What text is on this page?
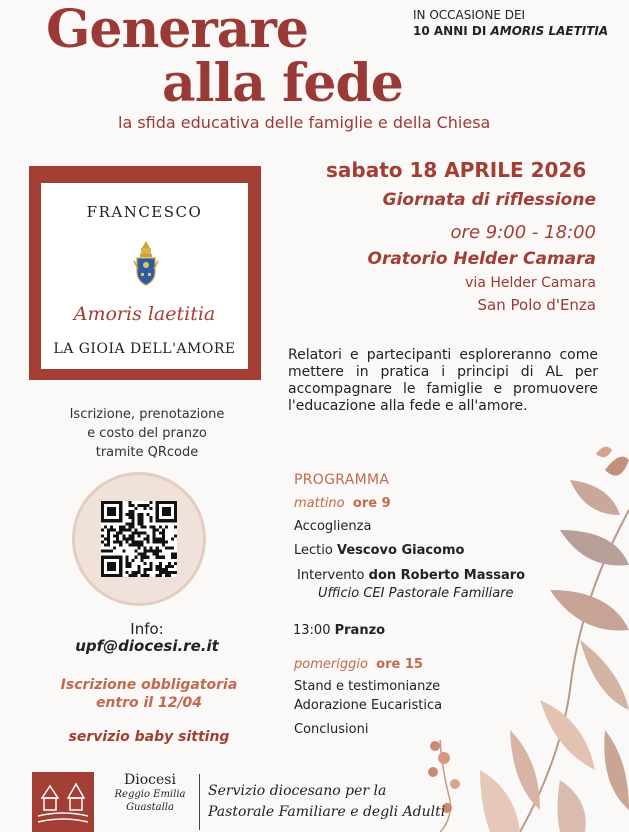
Generare
alla fede
IN OCCASIONE DEI
10 ANNI DI AMORIS LAETITIA
la sfida educativa delle famiglie e della Chiesa
FRANCESCO
Amoris laetitia
LA GIOIA DELL'AMORE
sabato 18 APRILE 2026
Giornata di riflessione
ore 9:00 - 18:00
Oratorio Helder Camara
via Helder Camara
San Polo d'Enza
Relatori e partecipanti esploreranno come mettere in pratica i principi di AL per accompagnare le famiglie e promuovere l'educazione alla fede e all'amore.
Iscrizione, prenotazione
e costo del pranzo
tramite QRcode
Info:
upf@diocesi.re.it
Iscrizione obbligatoria
entro il 12/04
servizio baby sitting
PROGRAMMA
mattino ore 9
Accoglienza
Lectio Vescovo Giacomo
Intervento don Roberto Massaro
Ufficio CEI Pastorale Familiare
13:00 Pranzo
pomeriggio ore 15
Stand e testimonianze
Adorazione Eucaristica
Conclusioni
Diocesi
Reggio Emilia
Guastalla
Servizio diocesano per la
Pastorale Familiare e degli Adulti
